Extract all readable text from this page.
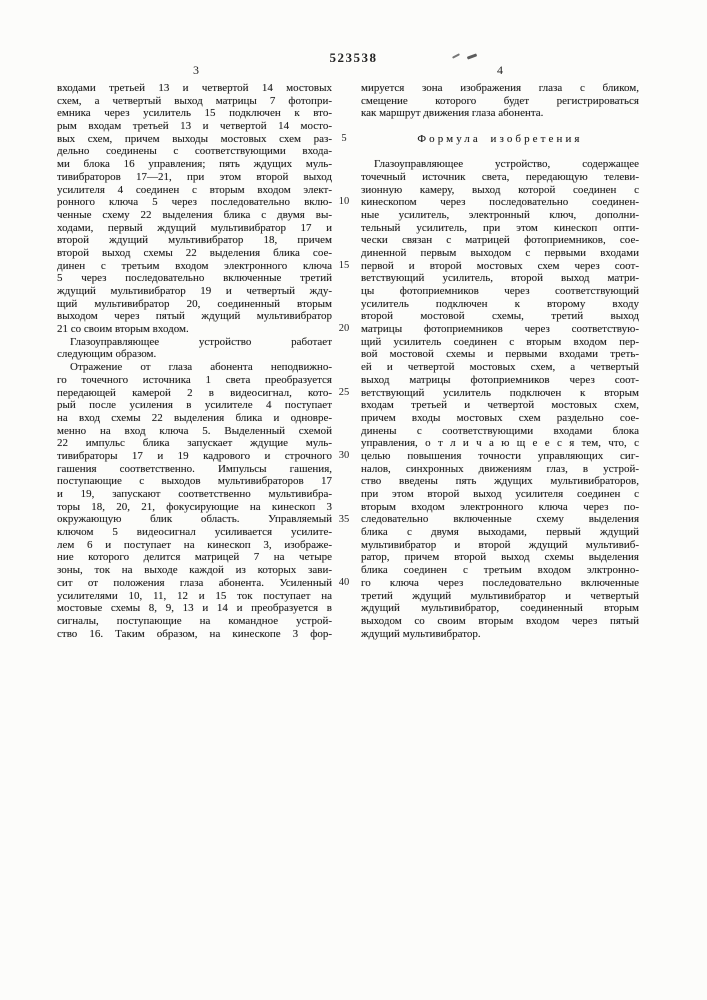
523538
3	4
входами третьей 13 и четвертой 14 мостовых
схем, а четвертый выход матрицы 7 фотопри-
емника через усилитель 15 подключен к вто-
рым входам третьей 13 и четвертой 14 мосто-
вых схем, причем выходы мостовых схем раз-
дельно соединены с соответствующими входа-
ми блока 16 управления; пять ждущих муль-
тивибраторов 17—21, при этом второй выход
усилителя 4 соединен с вторым входом элект-
ронного ключа 5 через последовательно вклю-
ченные схему 22 выделения блика с двумя вы-
ходами, первый ждущий мультивибратор 17 и
второй ждущий мультивибратор 18, причем
второй выход схемы 22 выделения блика сое-
динен с третьим входом электронного ключа
5 через последовательно включенные третий
ждущий мультивибратор 19 и четвертый жду-
щий мультивибратор 20, соединенный вторым
выходом через пятый ждущий мультивибратор
21 со своим вторым входом.
Глазоуправляющее устройство работает
следующим образом.
Отражение от глаза абонента неподвижно-
го точечного источника 1 света преобразуется
передающей камерой 2 в видеосигнал, кото-
рый после усиления в усилителе 4 поступает
на вход схемы 22 выделения блика и одновре-
менно на вход ключа 5. Выделенный схемой
22 импульс блика запускает ждущие муль-
тивибраторы 17 и 19 кадрового и строчного
гашения соответственно. Импульсы гашения,
поступающие с выходов мультивибраторов 17
и 19, запускают соответственно мультивибра-
торы 18, 20, 21, фокусирующие на кинескоп 3
окружающую блик область. Управляемый
ключом 5 видеосигнал усиливается усилите-
лем 6 и поступает на кинескоп 3, изображе-
ние которого делится матрицей 7 на четыре
зоны, ток на выходе каждой из которых зави-
сит от положения глаза абонента. Усиленный
усилителями 10, 11, 12 и 15 ток поступает на
мостовые схемы 8, 9, 13 и 14 и преобразуется в
сигналы, поступающие на командное устрой-
ство 16. Таким образом, на кинескопе 3 фор-
5
10
15
20
25
30
35
40
мируется зона изображения глаза с бликом,
смещение которого будет регистрироваться
как маршрут движения глаза абонента.

Формула изобретения

Глазоуправляющее устройство, содержащее
точечный источник света, передающую телеви-
зионную камеру, выход которой соединен с
кинескопом через последовательно соединен-
ные усилитель, электронный ключ, дополни-
тельный усилитель, при этом кинескоп опти-
чески связан с матрицей фотоприемников, сое-
диненной первым выходом с первыми входами
первой и второй мостовых схем через соот-
ветствующий усилитель, второй выход матри-
цы фотоприемников через соответствующий
усилитель подключен к второму входу
второй мостовой схемы, третий выход
матрицы фотоприемников через соответствую-
щий усилитель соединен с вторым входом пер-
вой мостовой схемы и первыми входами треть-
ей и четвертой мостовых схем, а четвертый
выход матрицы фотоприемников через соот-
ветствующий усилитель подключен к вторым
входам третьей и четвертой мостовых схем,
причем входы мостовых схем раздельно сое-
динены с соответствующими входами блока
управления, о т л и ч а ю щ е е с я тем, что, с
целью повышения точности управляющих сиг-
налов, синхронных движениям глаз, в устрой-
ство введены пять ждущих мультивибраторов,
при этом второй выход усилителя соединен с
вторым входом электронного ключа через по-
следовательно включенные схему выделения
блика с двумя выходами, первый ждущий
мультивибратор и второй ждущий мультивиб-
ратор, причем второй выход схемы выделения
блика соединен с третьим входом элктронно-
го ключа через последовательно включенные
третий ждущий мультивибратор и четвертый
ждущий мультивибратор, соединенный вторым
выходом со своим вторым входом через пятый
ждущий мультивибратор.
